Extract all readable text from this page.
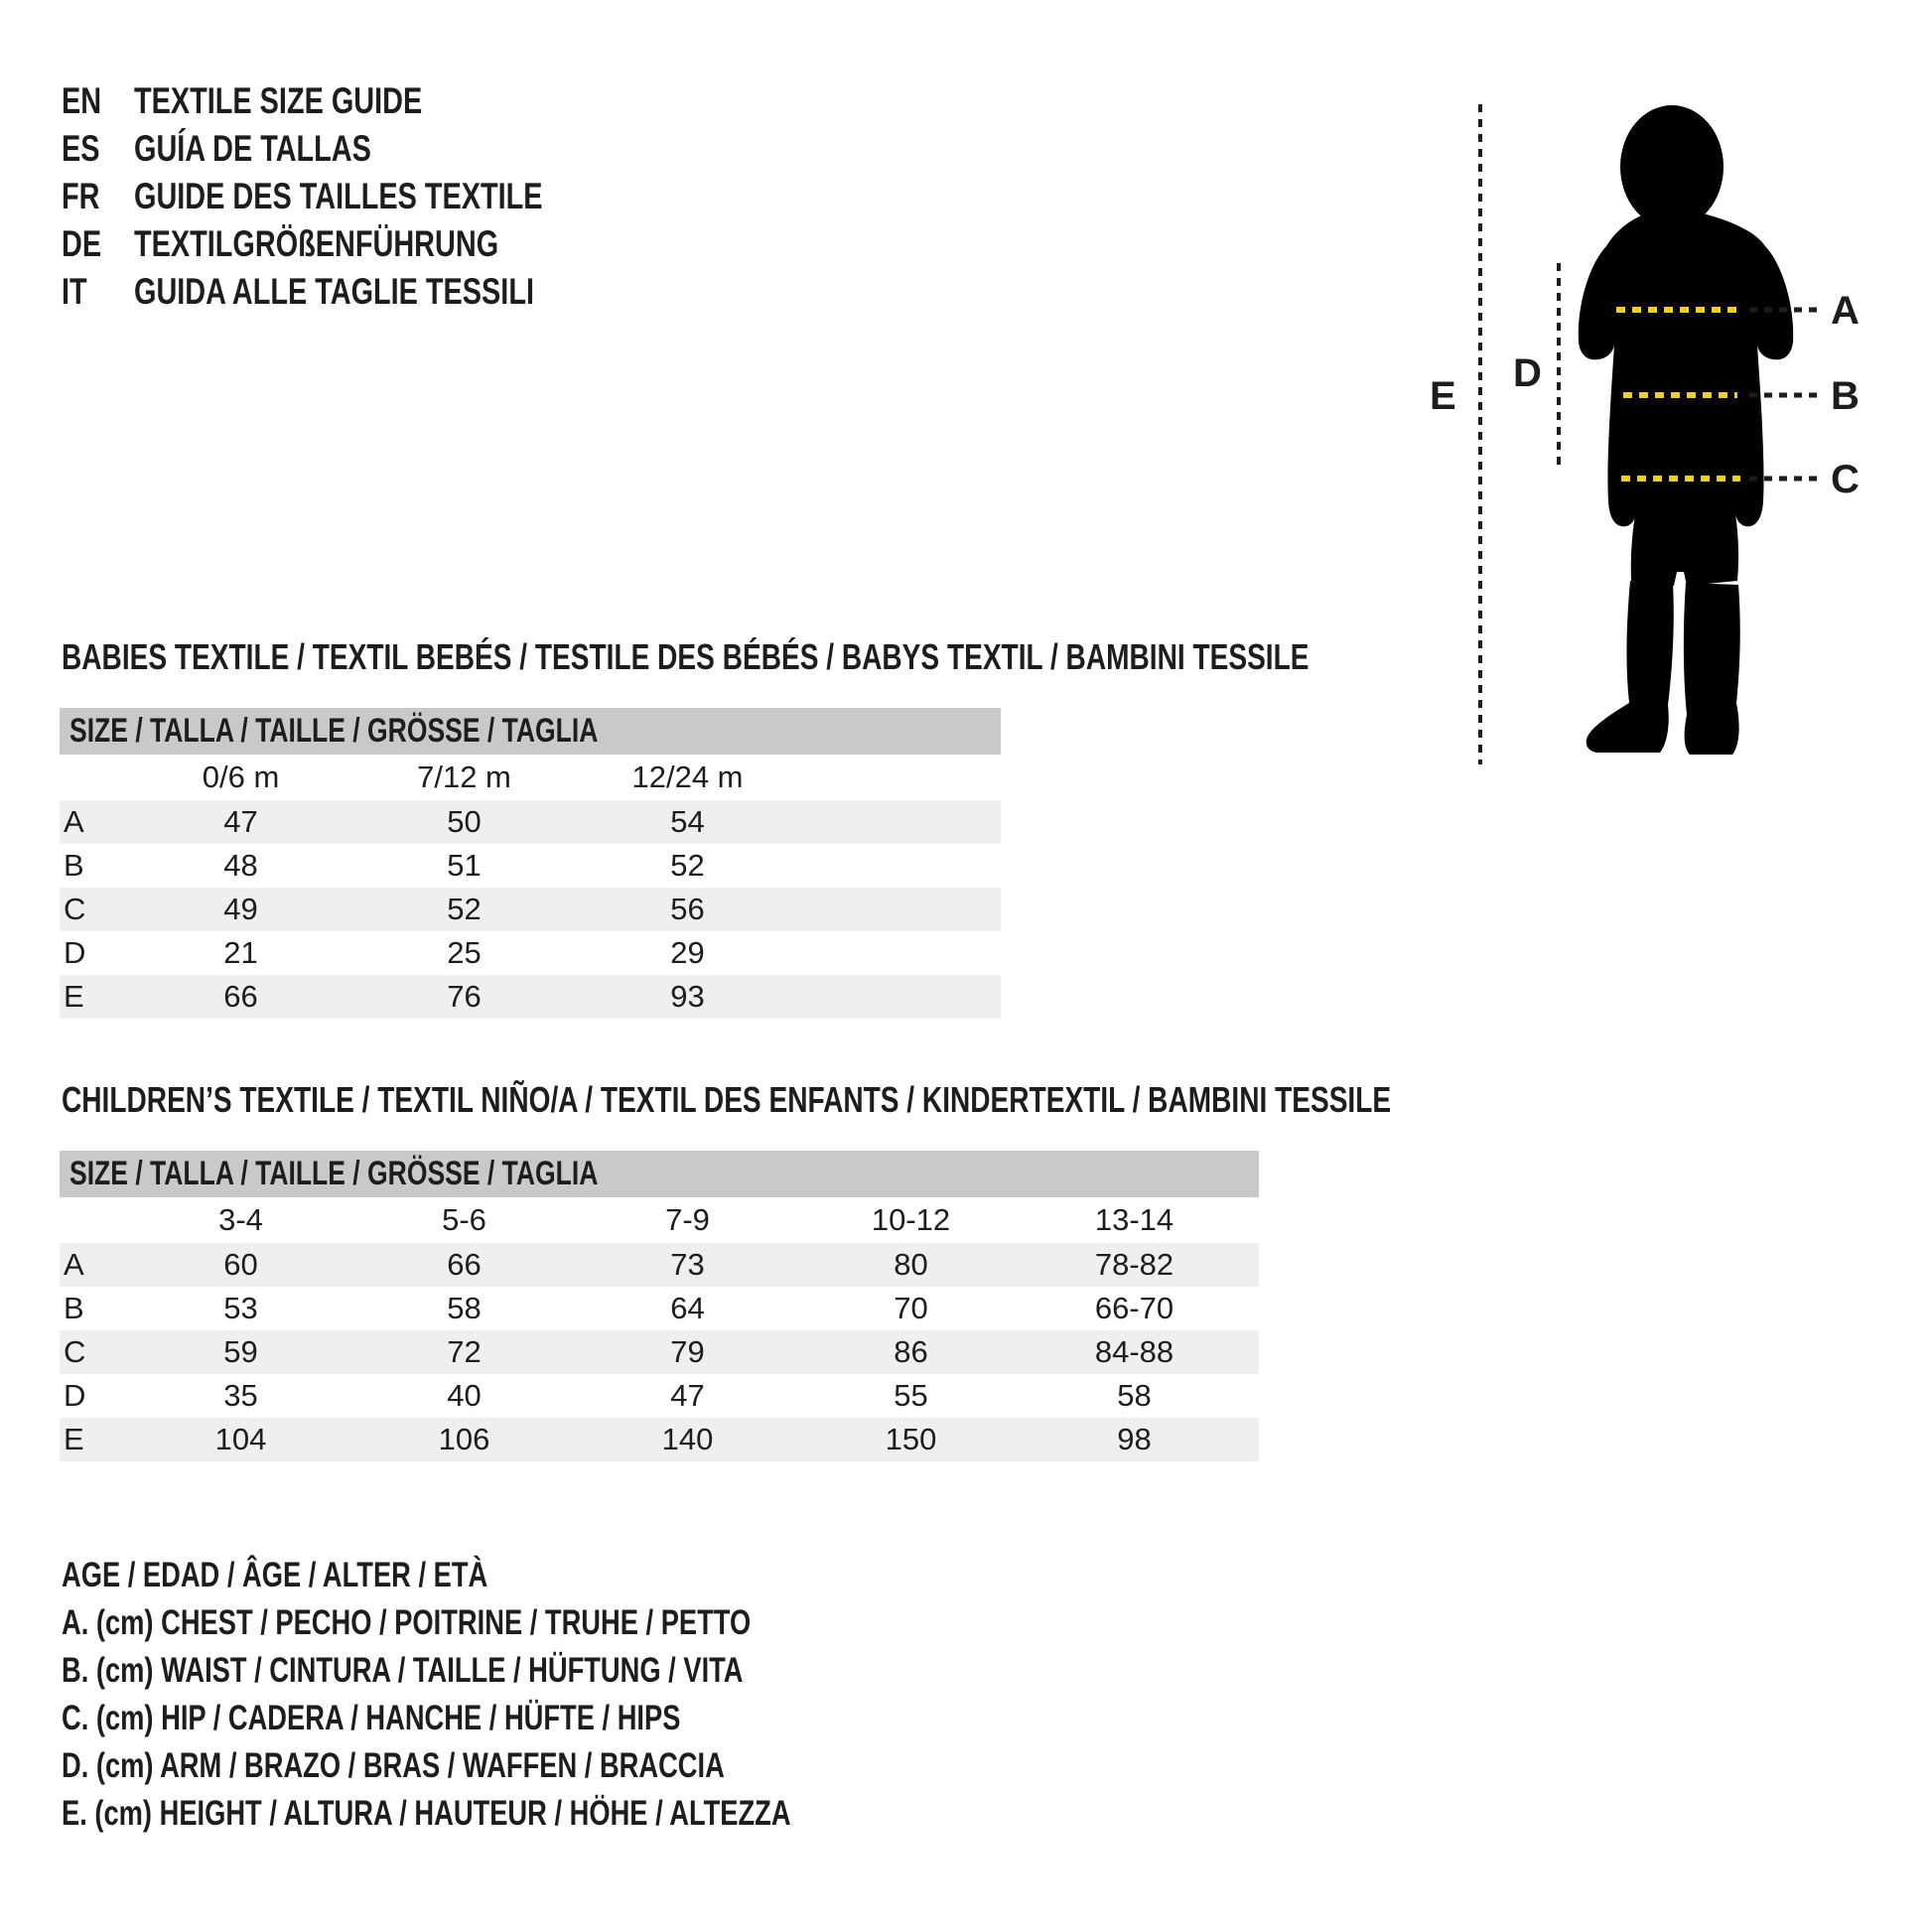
EN TEXTILE SIZE GUIDE
ES GUÍA DE TALLAS
FR GUIDE DES TAILLES TEXTILE
DE TEXTILGRÖßENFÜHRUNG
IT	GUIDA ALLE TAGLIE TESSILI	A
B
C
D
E
BABIES TEXTILE / TEXTIL BEBÉS / TESTILE DES BÉBÉS / BABYS TEXTIL / BAMBINI TESSILE
SIZE / TALLA / TAILLE / GRÖSSE / TAGLIA
0/6 m	7/12 m	12/24 m
A	47	50	54
B	48	51	52
C	49	52	56
D	21	25	29
E	66	76	93
CHILDREN’S TEXTILE / TEXTIL NIÑO/A / TEXTIL DES ENFANTS / KINDERTEXTIL / BAMBINI TESSILE
SIZE / TALLA / TAILLE / GRÖSSE / TAGLIA
3-4	5-6	7-9	10-12	13-14
A	60	66	73	80	78-82
B	53	58	64	70	66-70
C	59	72	79	86	84-88
D	35	40	47	55	58
E	104	106	140	150	98
AGE / EDAD / ÂGE / ALTER / ETÀ
A. (cm) CHEST / PECHO / POITRINE / TRUHE / PETTO
B. (cm) WAIST / CINTURA / TAILLE / HÜFTUNG / VITA
C. (cm) HIP / CADERA / HANCHE / HÜFTE / HIPS
D. (cm) ARM / BRAZO / BRAS / WAFFEN / BRACCIA
E. (cm) HEIGHT / ALTURA / HAUTEUR / HÖHE / ALTEZZA
